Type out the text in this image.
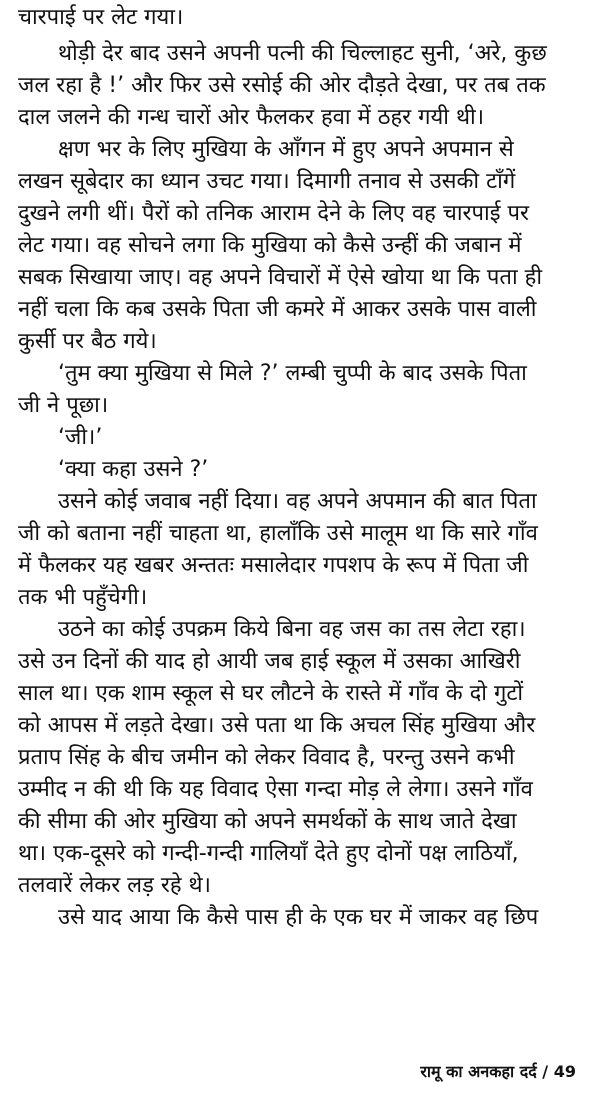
चारपाई पर लेट गया।
थोड़ी देर बाद उसने अपनी पत्नी की चिल्लाहट सुनी, ‘अरे, कुछ
जल रहा है !’ और फिर उसे रसोई की ओर दौड़ते देखा, पर तब तक
दाल जलने की गन्ध चारों ओर फैलकर हवा में ठहर गयी थी।
क्षण भर के लिए मुखिया के आँगन में हुए अपने अपमान से
लखन सूबेदार का ध्यान उचट गया। दिमागी तनाव से उसकी टाँगें
दुखने लगी थीं। पैरों को तनिक आराम देने के लिए वह चारपाई पर
लेट गया। वह सोचने लगा कि मुखिया को कैसे उन्हीं की जबान में
सबक सिखाया जाए। वह अपने विचारों में ऐसे खोया था कि पता ही
नहीं चला कि कब उसके पिता जी कमरे में आकर उसके पास वाली
कुर्सी पर बैठ गये।
‘तुम क्या मुखिया से मिले ?’ लम्बी चुप्पी के बाद उसके पिता
जी ने पूछा।
‘जी।’
‘क्या कहा उसने ?’
उसने कोई जवाब नहीं दिया। वह अपने अपमान की बात पिता
जी को बताना नहीं चाहता था, हालाँकि उसे मालूम था कि सारे गाँव
में फैलकर यह खबर अन्ततः मसालेदार गपशप के रूप में पिता जी
तक भी पहुँचेगी।
उठने का कोई उपक्रम किये बिना वह जस का तस लेटा रहा।
उसे उन दिनों की याद हो आयी जब हाई स्कूल में उसका आखिरी
साल था। एक शाम स्कूल से घर लौटने के रास्ते में गाँव के दो गुटों
को आपस में लड़ते देखा। उसे पता था कि अचल सिंह मुखिया और
प्रताप सिंह के बीच जमीन को लेकर विवाद है, परन्तु उसने कभी
उम्मीद न की थी कि यह विवाद ऐसा गन्दा मोड़ ले लेगा। उसने गाँव
की सीमा की ओर मुखिया को अपने समर्थकों के साथ जाते देखा
था। एक-दूसरे को गन्दी-गन्दी गालियाँ देते हुए दोनों पक्ष लाठियाँ,
तलवारें लेकर लड़ रहे थे।
उसे याद आया कि कैसे पास ही के एक घर में जाकर वह छिप
रामू का अनकहा दर्द / 49
